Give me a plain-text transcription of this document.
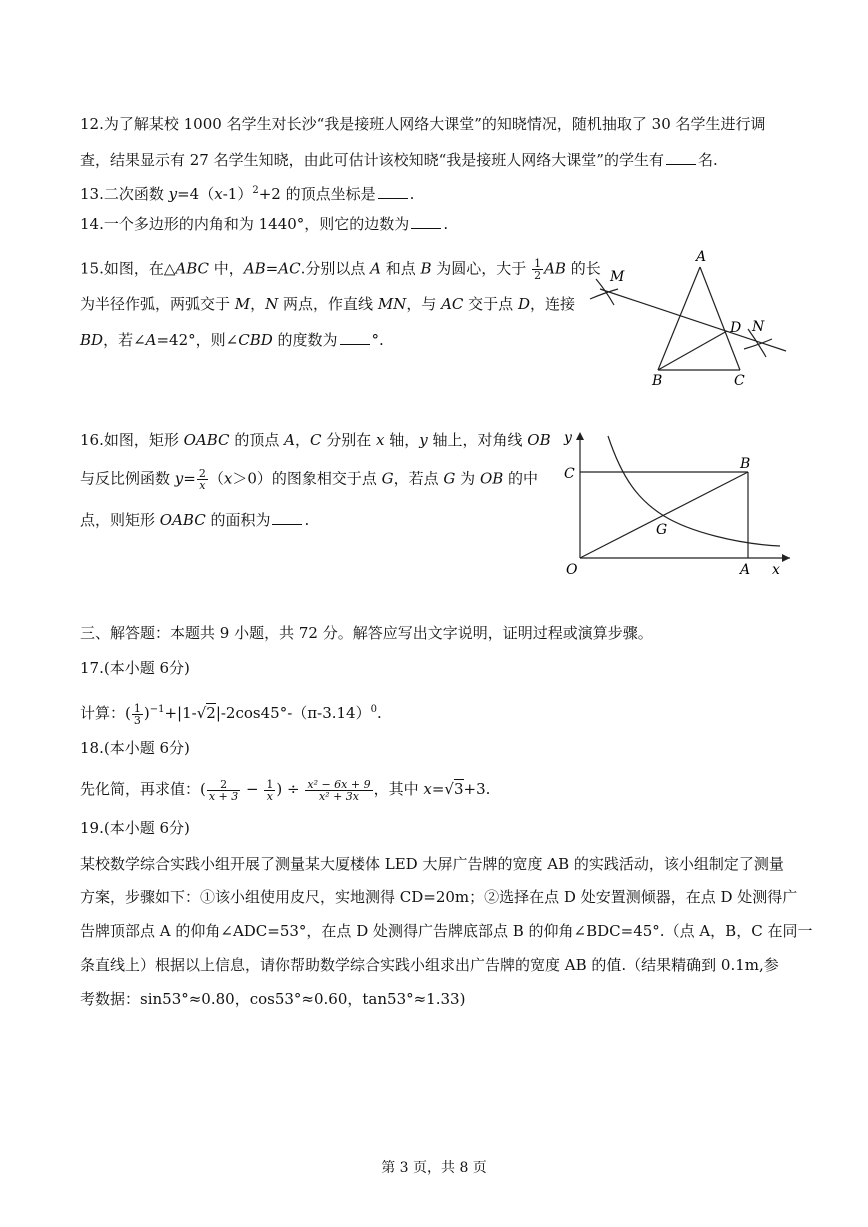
12.为了解某校 1000 名学生对长沙“我是接班人网络大课堂”的知晓情况，随机抽取了 30 名学生进行调
查，结果显示有 27 名学生知晓，由此可估计该校知晓“我是接班人网络大课堂”的学生有 名.
13.二次函数 $y=4(x-1)^2+2$ 的顶点坐标是 .
14.一个多边形的内角和为 1440°，则它的边数为 .
15.如图，在△ABC 中，AB=AC.分别以点 A 和点 B 为圆心，大于 $\frac{1}{2}$ AB 的长
为半径作弧，两弧交于 M，N 两点，作直线 MN，与 AC 交于点 D，连接
BD，若∠A=42°，则∠CBD 的度数为 °.
A
B	C
D
M
N
16.如图，矩形 OABC 的顶点 A，C 分别在 x 轴，y 轴上，对角线 OB
与反比例函数 $y= \frac{2}{x} (x>0)$的图象相交于点 G，若点 G 为 OB 的中
点，则矩形 OABC 的面积为 .
y
x
C
B
G
O	A
三、解答题：本题共 9 小题，共 72 分。解答应写出文字说明，证明过程或演算步骤。
17.(本小题 6分)
计算：( $\frac{1}{3} )^{-1}+|1-√2|-2\cos 45^\circ-(\pi-3.14)^0$.
18.(本小题 6分)
先化简，再求值：( $\frac{2}{x + 3} - \frac{1}{x}$ ) ÷ $\frac{\text{x² − 6x + 9}}{\text{x² + 3x}}$ ，其中 x=√3+3.
19.(本小题 6分)
某校数学综合实践小组开展了测量某大厦楼体 LED 大屏广告牌的宽度 AB 的实践活动，该小组制定了测量
方案，步骤如下：①该小组使用皮尺，实地测得 CD=20m；②选择在点 D 处安置测倾器，在点 D 处测得广
告牌顶部点 A 的仰角∠ADC=53°，在点 D 处测得广告牌底部点 B 的仰角∠BDC=45°.（点 A，B，C 在同一
条直线上）根据以上信息，请你帮助数学综合实践小组求出广告牌的宽度 AB 的值.（结果精确到 0.1m,参
考数据：sin53°≈0.80，cos53°≈0.60，tan53°≈1.33)
第 3 页，共 8 页
